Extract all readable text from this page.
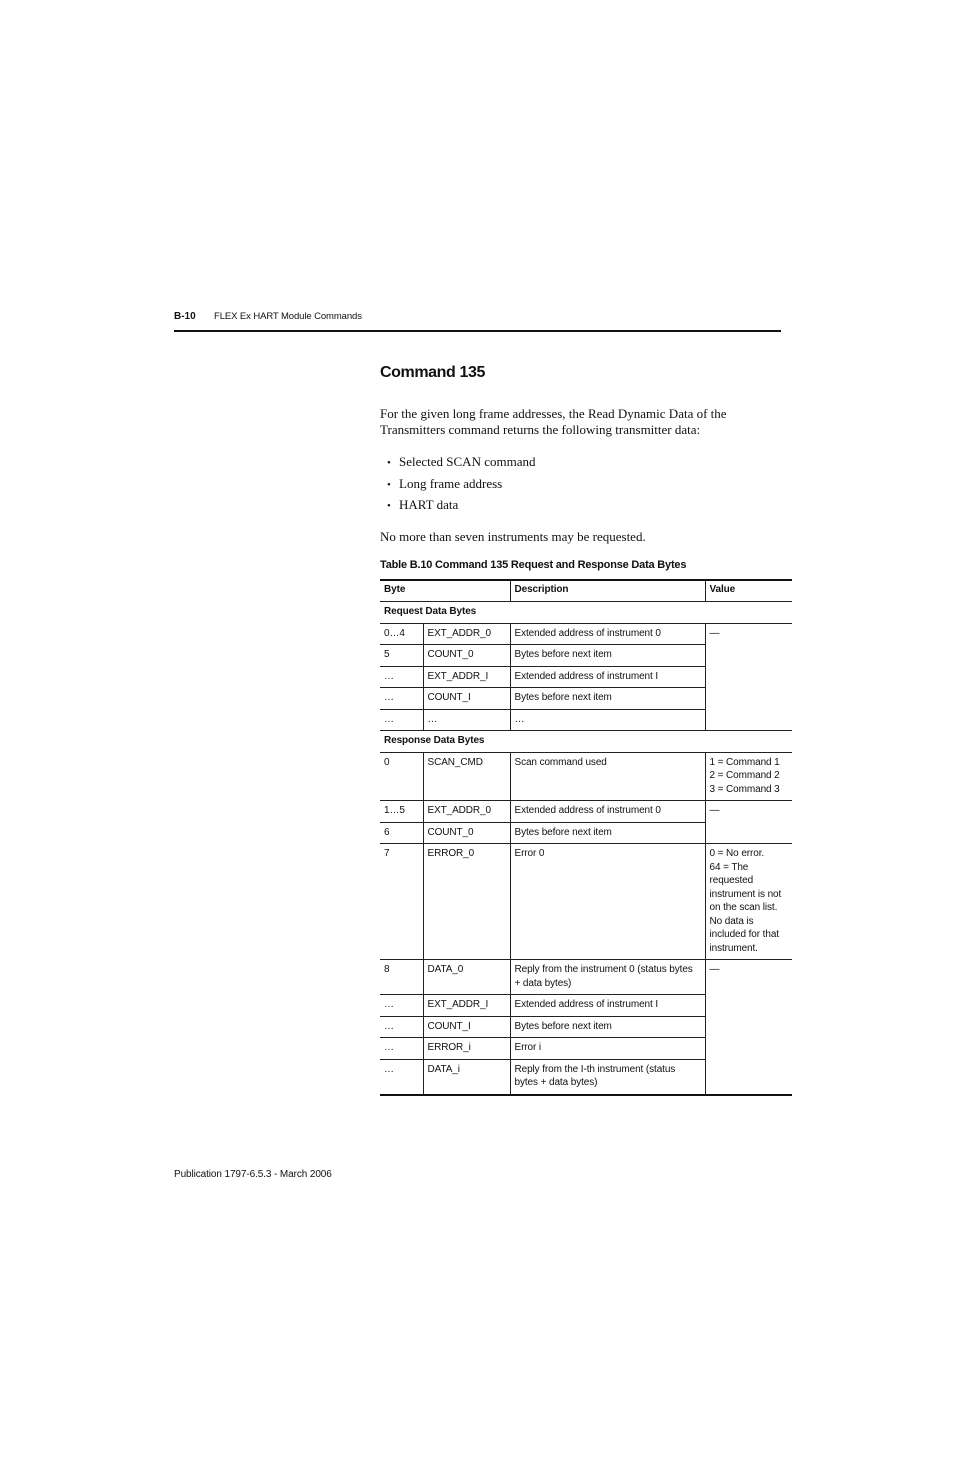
B-10 FLEX Ex HART Module Commands
Command 135

For the given long frame addresses, the Read Dynamic Data of the Transmitters command returns the following transmitter data:

• Selected SCAN command
• Long frame address
• HART data

No more than seven instruments may be requested.

Table B.10 Command 135 Request and Response Data Bytes
Byte		Description	Value
Request Data Bytes			
0…4	EXT_ADDR_0	Extended address of instrument 0	—
5	COUNT_0	Bytes before next item	
…	EXT_ADDR_I	Extended address of instrument I	
…	COUNT_I	Bytes before next item	
…	…	…	
Response Data Bytes			
0	SCAN_CMD	Scan command used	1 = Command 1
2 = Command 2
3 = Command 3
1…5	EXT_ADDR_0	Extended address of instrument 0	—
6	COUNT_0	Bytes before next item	
7	ERROR_0	Error 0	0 = No error.
64 = The requested instrument is not on the scan list. No data is included for that instrument.
8	DATA_0	Reply from the instrument 0 (status bytes + data bytes)	—
…	EXT_ADDR_I	Extended address of instrument I	
…	COUNT_I	Bytes before next item	
…	ERROR_i	Error i	
…	DATA_i	Reply from the I-th instrument (status bytes + data bytes)	
Publication 1797-6.5.3 - March 2006
